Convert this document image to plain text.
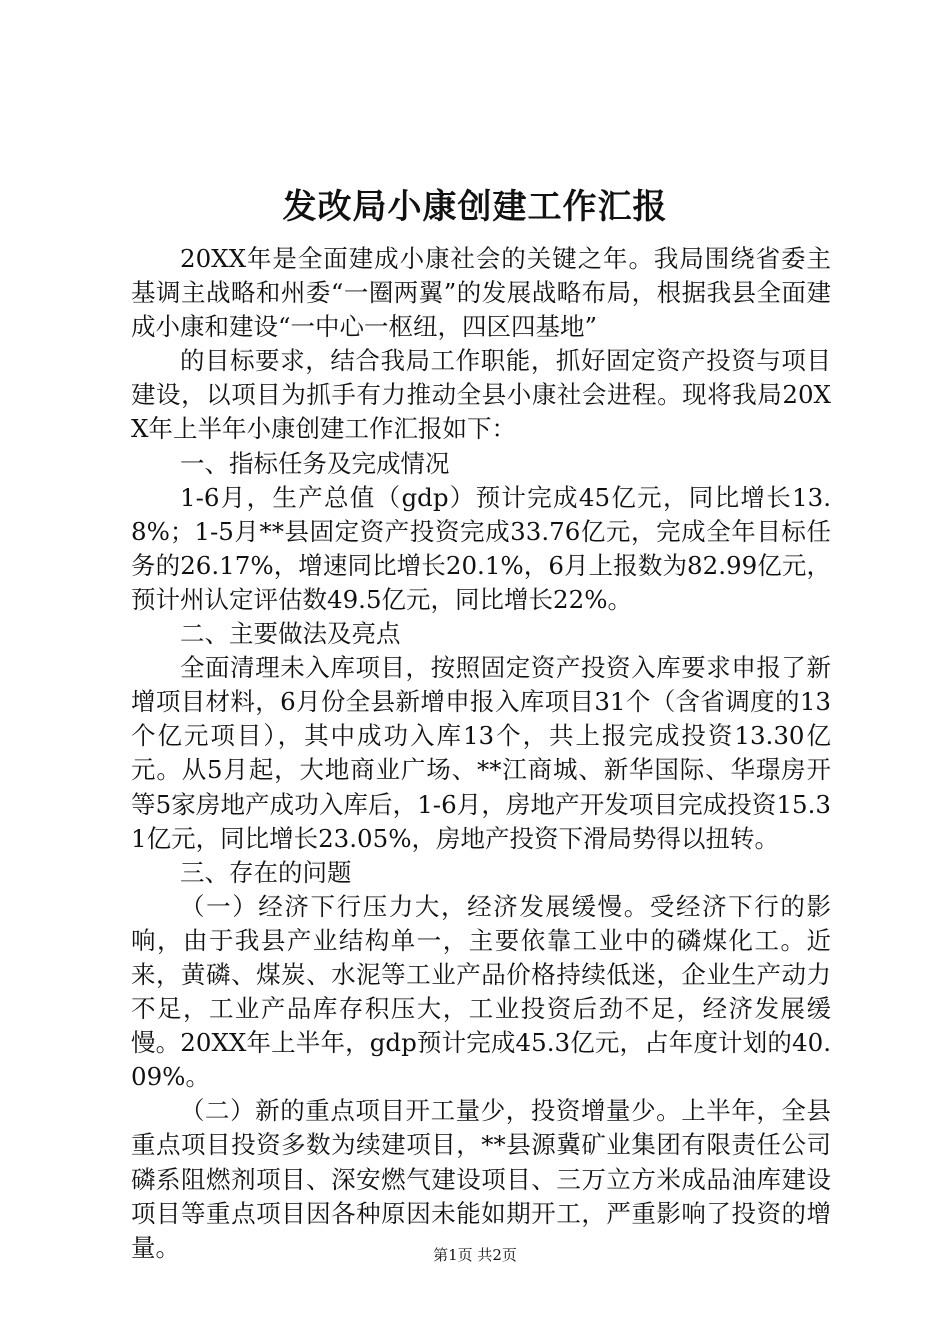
发改局小康创建工作汇报

20XX年是全面建成小康社会的关键之年。我局围绕省委主基调主战略和州委“一圈两翼”的发展战略布局，根据我县全面建成小康和建设“一中心一枢纽，四区四基地”

的目标要求，结合我局工作职能，抓好固定资产投资与项目建设，以项目为抓手有力推动全县小康社会进程。现将我局20XX年上半年小康创建工作汇报如下：

一、指标任务及完成情况

1-6月，生产总值（gdp）预计完成45亿元，同比增长13.8%；1-5月**县固定资产投资完成33.76亿元，完成全年目标任务的26.17%，增速同比增长20.1%，6月上报数为82.99亿元，预计州认定评估数49.5亿元，同比增长22%。

二、主要做法及亮点

全面清理未入库项目，按照固定资产投资入库要求申报了新增项目材料，6月份全县新增申报入库项目31个（含省调度的13个亿元项目），其中成功入库13个，共上报完成投资13.30亿元。从5月起，大地商业广场、**江商城、新华国际、华璟房开等5家房地产成功入库后，1-6月，房地产开发项目完成投资15.31亿元，同比增长23.05%，房地产投资下滑局势得以扭转。

三、存在的问题

（一）经济下行压力大，经济发展缓慢。受经济下行的影响，由于我县产业结构单一，主要依靠工业中的磷煤化工。近来，黄磷、煤炭、水泥等工业产品价格持续低迷，企业生产动力不足，工业产品库存积压大，工业投资后劲不足，经济发展缓慢。20XX年上半年，gdp预计完成45.3亿元，占年度计划的40.09%。

（二）新的重点项目开工量少，投资增量少。上半年，全县重点项目投资多数为续建项目，**县源冀矿业集团有限责任公司磷系阻燃剂项目、深安燃气建设项目、三万立方米成品油库建设项目等重点项目因各种原因未能如期开工，严重影响了投资的增量。	第1页 共2页
